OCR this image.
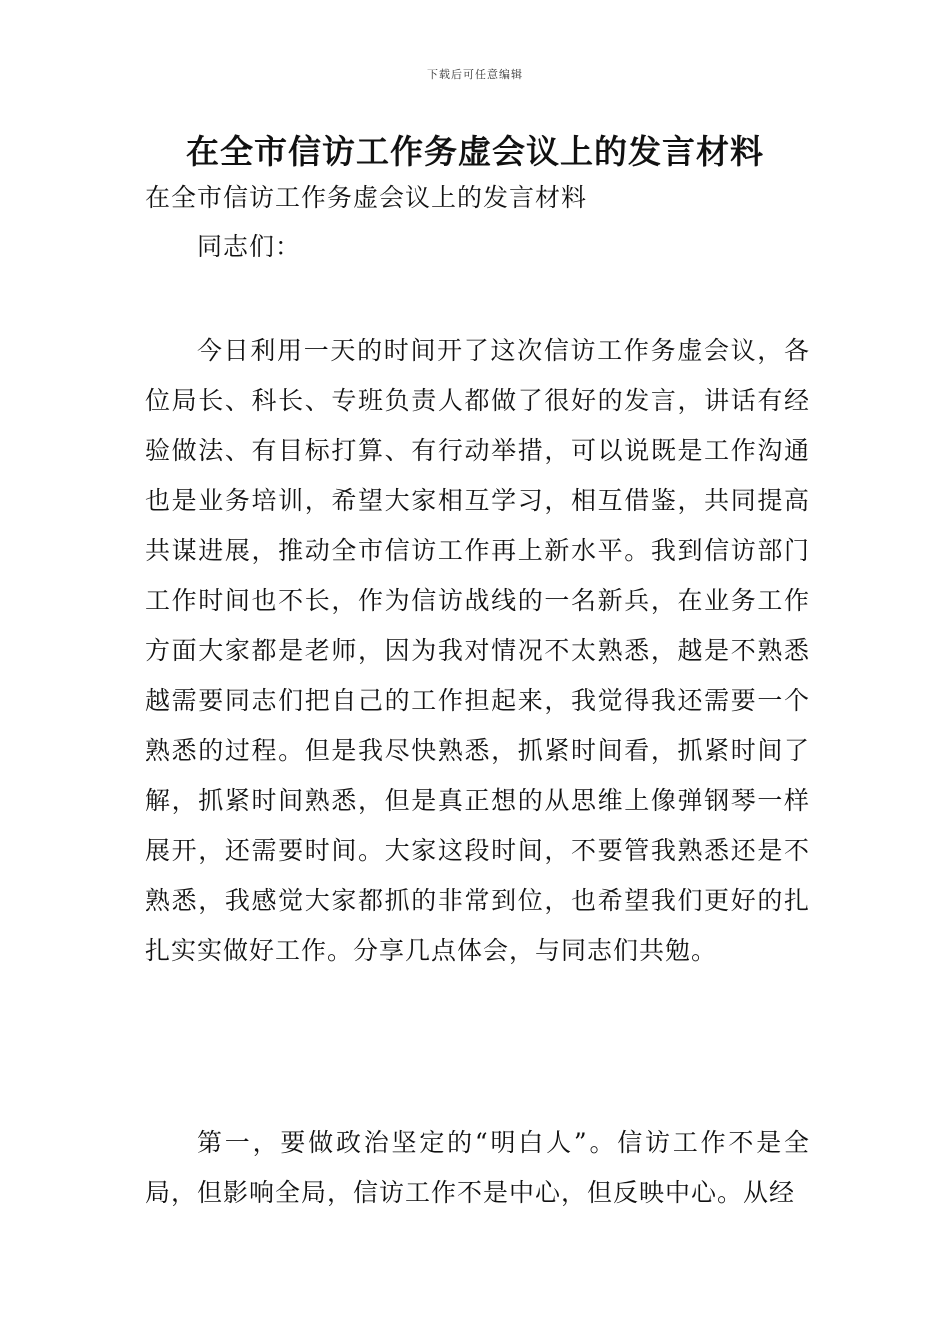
下载后可任意编辑
在全市信访工作务虚会议上的发言材料

在全市信访工作务虚会议上的发言材料

同志们：

今日利用一天的时间开了这次信访工作务虚会议，各位局长、科长、专班负责人都做了很好的发言，讲话有经验做法、有目标打算、有行动举措，可以说既是工作沟通也是业务培训，希望大家相互学习，相互借鉴，共同提高共谋进展，推动全市信访工作再上新水平。我到信访部门工作时间也不长，作为信访战线的一名新兵，在业务工作方面大家都是老师，因为我对情况不太熟悉，越是不熟悉越需要同志们把自己的工作担起来，我觉得我还需要一个熟悉的过程。但是我尽快熟悉，抓紧时间看，抓紧时间了解，抓紧时间熟悉，但是真正想的从思维上像弹钢琴一样展开，还需要时间。大家这段时间，不要管我熟悉还是不熟悉，我感觉大家都抓的非常到位，也希望我们更好的扎扎实实做好工作。分享几点体会，与同志们共勉。

第一，要做政治坚定的“明白人”。信访工作不是全局，但影响全局，信访工作不是中心，但反映中心。从经
